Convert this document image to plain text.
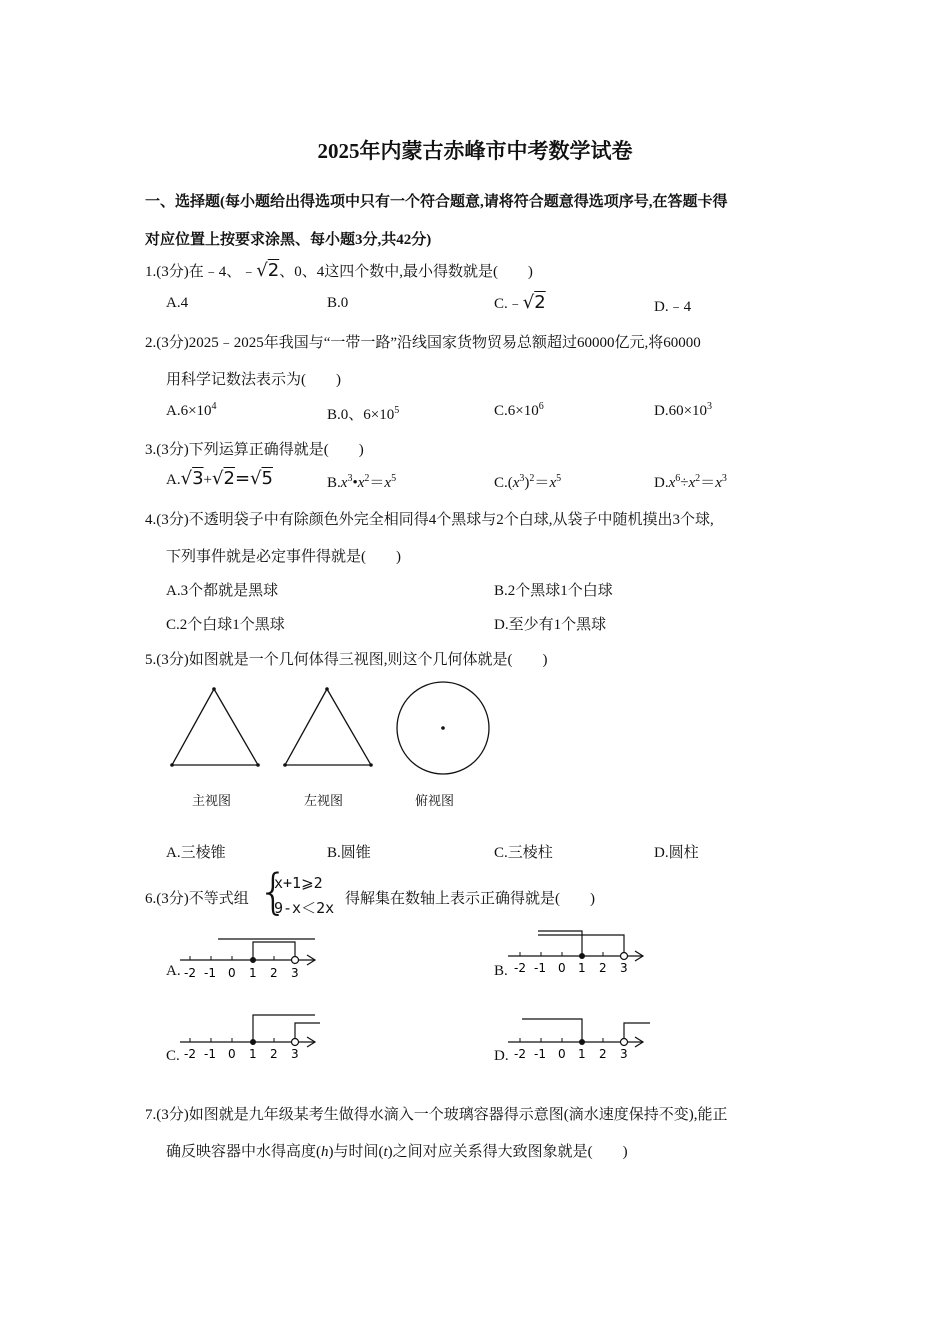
2025年内蒙古赤峰市中考数学试卷
一、选择题(每小题给出得选项中只有一个符合题意,请将符合题意得选项序号,在答题卡得
对应位置上按要求涂黑、每小题3分,共42分)
1.(3分)在﹣4、﹣√2、0、4这四个数中,最小得数就是(　　)
A.4	B.0	C.﹣√2	D.﹣4
2.(3分)2025﹣2025年我国与“一带一路”沿线国家货物贸易总额超过60000亿元,将60000
用科学记数法表示为(　　)
$A.6\times 10^4$
B.0、$6\times 10^5$	$C.6\times 10^6$	$D.60\times 10^3$
3.(3分)下列运算正确得就是(　　)
A.√3+√2=√5	$B.x^3•x^2=x^5$	$C.(x^3)^2=x^5$	$D.x^6\div x^2=x^3$
4.(3分)不透明袋子中有除颜色外完全相同得4个黑球与2个白球,从袋子中随机摸出3个球,
下列事件就是必定事件得就是(　　)
A.3个都就是黑球	B.2个黑球1个白球
C.2个白球1个黑球	D.至少有1个黑球
5.(3分)如图就是一个几何体得三视图,则这个几何体就是(　　)
主视图	左视图	俯视图
A.三棱锥	B.圆锥	C.三棱柱	D.圆柱
6.(3分)不等式组 {
x+1⩾2
9-x＜2x 得解集在数轴上表示正确得就是(　　)
A. -2 -1 0 1 2 3	B. -2 -1 0 1 2 3
C. -2 -1 0 1 2 3	D. -2 -1 0 1 2 3
7.(3分)如图就是九年级某考生做得水滴入一个玻璃容器得示意图(滴水速度保持不变),能正
确反映容器中水得高度(h)与时间(t)之间对应关系得大致图象就是(　　)
